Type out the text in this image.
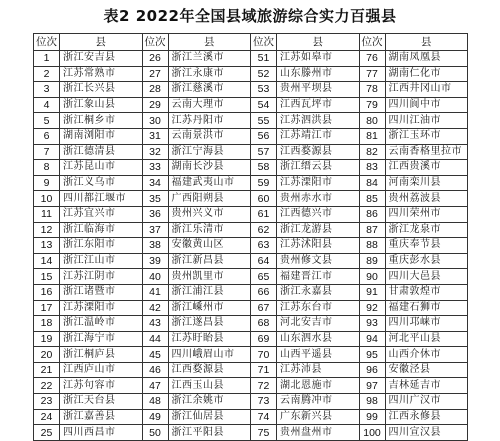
表2 2022年全国县域旅游综合实力百强县
位次	县	位次	县	位次	县	位次	县
1	浙江安吉县	26	浙江兰溪市	51	江苏如皋市	76	湖南凤凰县
2	江苏常熟市	27	浙江永康市	52	山东滕州市	77	湖南仁化市
3	浙江长兴县	28	浙江慈溪市	53	贵州平坝县	78	江西井冈山市
4	浙江象山县	29	云南大理市	54	江西瓦坪市	79	四川阆中市
5	浙江桐乡市	30	江苏丹阳市	55	江苏泗洪县	80	四川江油市
6	湖南浏阳市	31	云南景洪市	56	江苏靖江市	81	浙江玉环市
7	浙江德清县	32	浙江宁海县	57	江西婺源县	82	云南香格里拉市
8	江苏昆山市	33	湖南长沙县	58	浙江缙云县	83	江西贵溪市
9	浙江义乌市	34	福建武夷山市	59	江苏溧阳市	84	河南栾川县
10	四川都江堰市	35	广西阳朔县	60	贵州赤水市	85	贵州荔波县
11	江苏宜兴市	36	贵州兴义市	61	江西德兴市	86	四川荣州市
12	浙江临海市	37	浙江乐清市	62	浙江龙游县	87	浙江龙泉市
13	浙江东阳市	38	安徽黄山区	63	江苏沭阳县	88	重庆奉节县
14	浙江江山市	39	浙江新昌县	64	贵州修文县	89	重庆彭水县
15	江苏江阴市	40	贵州凯里市	65	福建晋江市	90	四川大邑县
16	浙江诸暨市	41	浙江浦江县	66	浙江永嘉县	91	甘肃敦煌市
17	江苏溧阳市	42	浙江嵊州市	67	江苏东台市	92	福建石狮市
18	浙江温岭市	43	浙江遂昌县	68	河北安吉市	93	四川邛崃市
19	浙江海宁市	44	江苏盱眙县	69	山东泗水县	94	河北平山县
20	浙江桐庐县	45	四川峨眉山市	70	山西平遥县	95	山西介休市
21	江西庐山市	46	江西婺源县	71	江苏沛县	96	安徽泾县
22	江苏句容市	47	江西玉山县	72	湖北恩施市	97	吉林延吉市
23	浙江天台县	48	浙江余姚市	73	云南腾冲市	98	四川广汉市
24	浙江嘉善县	49	浙江仙居县	74	广东新兴县	99	江西永修县
25	四川西昌市	50	浙江平阳县	75	贵州盘州市	100	四川宣汉县
